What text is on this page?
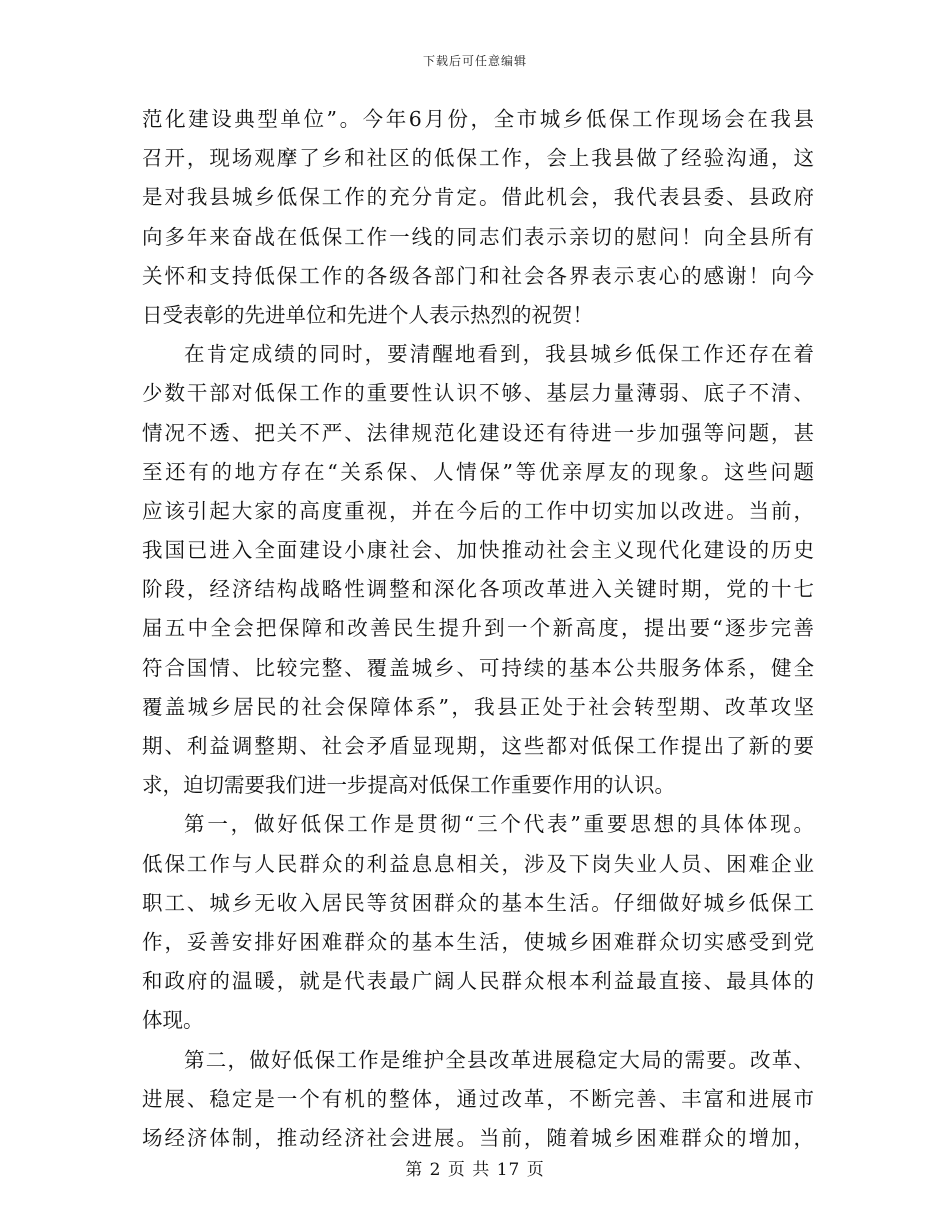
下载后可任意编辑
范化建设典型单位”。今年6月份，全市城乡低保工作现场会在我县
召开，现场观摩了乡和社区的低保工作，会上我县做了经验沟通，这
是对我县城乡低保工作的充分肯定。借此机会，我代表县委、县政府
向多年来奋战在低保工作一线的同志们表示亲切的慰问！向全县所有
关怀和支持低保工作的各级各部门和社会各界表示衷心的感谢！向今
日受表彰的先进单位和先进个人表示热烈的祝贺！
在肯定成绩的同时，要清醒地看到，我县城乡低保工作还存在着
少数干部对低保工作的重要性认识不够、基层力量薄弱、底子不清、
情况不透、把关不严、法律规范化建设还有待进一步加强等问题，甚
至还有的地方存在“关系保、人情保”等优亲厚友的现象。这些问题
应该引起大家的高度重视，并在今后的工作中切实加以改进。当前，
我国已进入全面建设小康社会、加快推动社会主义现代化建设的历史
阶段，经济结构战略性调整和深化各项改革进入关键时期，党的十七
届五中全会把保障和改善民生提升到一个新高度，提出要“逐步完善
符合国情、比较完整、覆盖城乡、可持续的基本公共服务体系，健全
覆盖城乡居民的社会保障体系”，我县正处于社会转型期、改革攻坚
期、利益调整期、社会矛盾显现期，这些都对低保工作提出了新的要
求，迫切需要我们进一步提高对低保工作重要作用的认识。
第一，做好低保工作是贯彻“三个代表”重要思想的具体体现。
低保工作与人民群众的利益息息相关，涉及下岗失业人员、困难企业
职工、城乡无收入居民等贫困群众的基本生活。仔细做好城乡低保工
作，妥善安排好困难群众的基本生活，使城乡困难群众切实感受到党
和政府的温暖，就是代表最广阔人民群众根本利益最直接、最具体的
体现。
第二，做好低保工作是维护全县改革进展稳定大局的需要。改革、
进展、稳定是一个有机的整体，通过改革，不断完善、丰富和进展市
场经济体制，推动经济社会进展。当前，随着城乡困难群众的增加，
第 2 页 共 17 页
